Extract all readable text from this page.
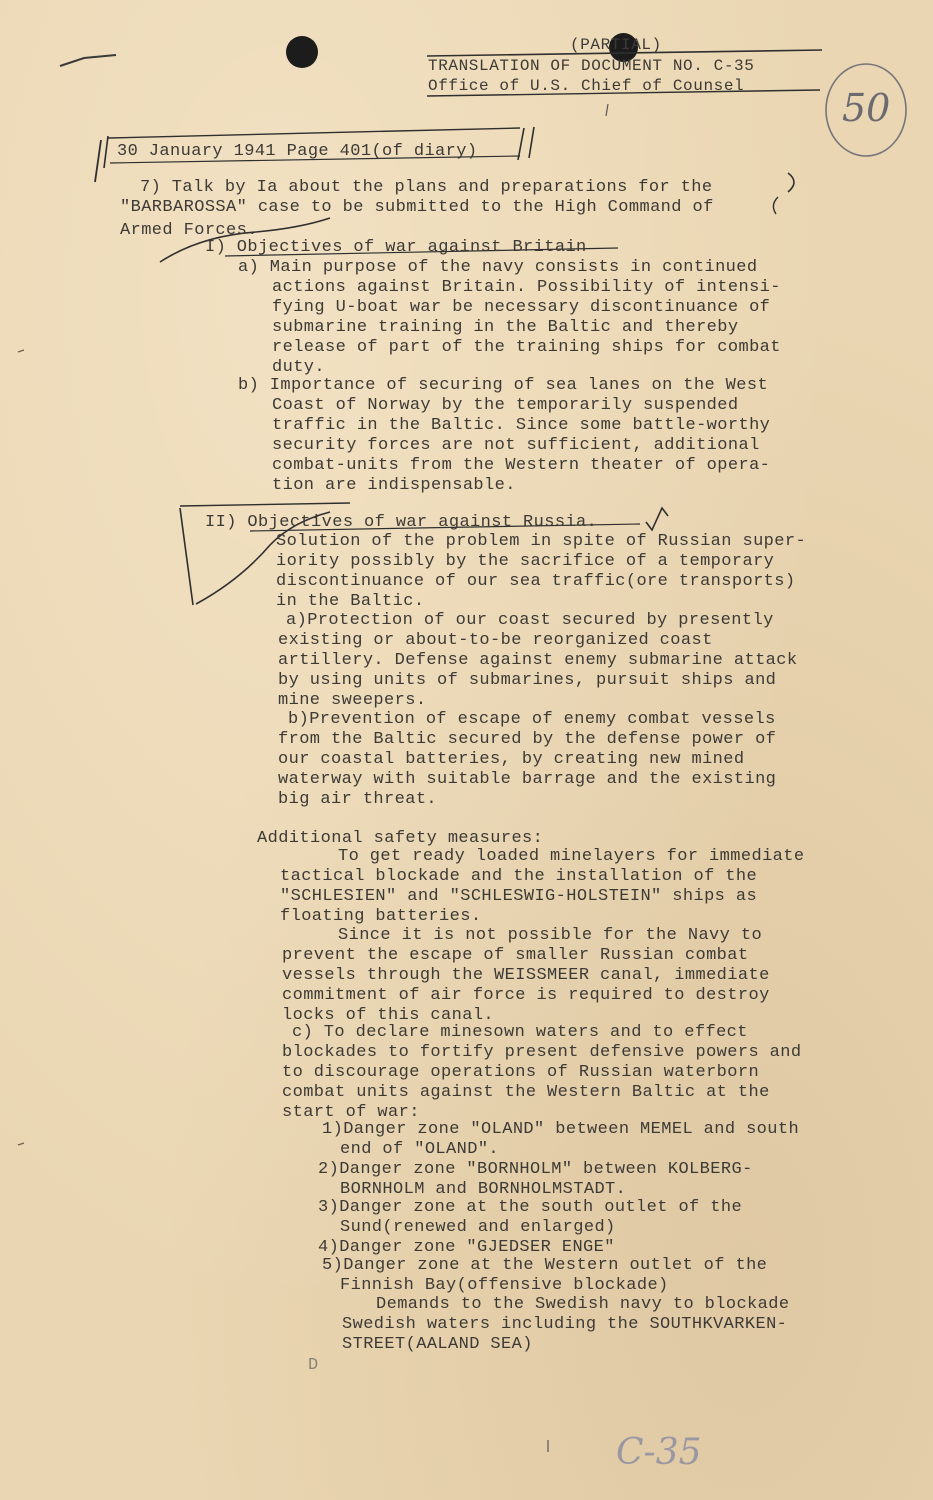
(PARTIAL)
TRANSLATION OF DOCUMENT NO. C-35
Office of U.S. Chief of Counsel	50
30 January 1941 Page 401(of diary)
7) Talk by Ia about the plans and preparations for the
"BARBAROSSA" case to be submitted to the High Command of
Armed Forces.
I) Objectives of war against Britain
a) Main purpose of the navy consists in continued
actions against Britain. Possibility of intensi-
fying U-boat war be necessary discontinuance of
submarine training in the Baltic and thereby
release of part of the training ships for combat
duty.
b) Importance of securing of sea lanes on the West
Coast of Norway by the temporarily suspended
traffic in the Baltic. Since some battle-worthy
security forces are not sufficient, additional
combat-units from the Western theater of opera-
tion are indispensable.
II) Objectives of war against Russia.
Solution of the problem in spite of Russian super-
iority possibly by the sacrifice of a temporary
discontinuance of our sea traffic(ore transports)
in the Baltic.
a)Protection of our coast secured by presently
existing or about-to-be reorganized coast
artillery. Defense against enemy submarine attack
by using units of submarines, pursuit ships and
mine sweepers.
b)Prevention of escape of enemy combat vessels
from the Baltic secured by the defense power of
our coastal batteries, by creating new mined
waterway with suitable barrage and the existing
big air threat.
Additional safety measures:
To get ready loaded minelayers for immediate
tactical blockade and the installation of the
"SCHLESIEN" and "SCHLESWIG-HOLSTEIN" ships as
floating batteries.
Since it is not possible for the Navy to
prevent the escape of smaller Russian combat
vessels through the WEISSMEER canal, immediate
commitment of air force is required to destroy
locks of this canal.
c) To declare minesown waters and to effect
blockades to fortify present defensive powers and
to discourage operations of Russian waterborn
combat units against the Western Baltic at the
start of war:
1)Danger zone "OLAND" between MEMEL and south
end of "OLAND".
2)Danger zone "BORNHOLM" between KOLBERG-
BORNHOLM and BORNHOLMSTADT.
3)Danger zone at the south outlet of the
Sund(renewed and enlarged)
4)Danger zone "GJEDSER ENGE"
5)Danger zone at the Western outlet of the
Finnish Bay(offensive blockade)
Demands to the Swedish navy to blockade
Swedish waters including the SOUTHKVARKEN-
STREET(AALAND SEA)
D
C-35
